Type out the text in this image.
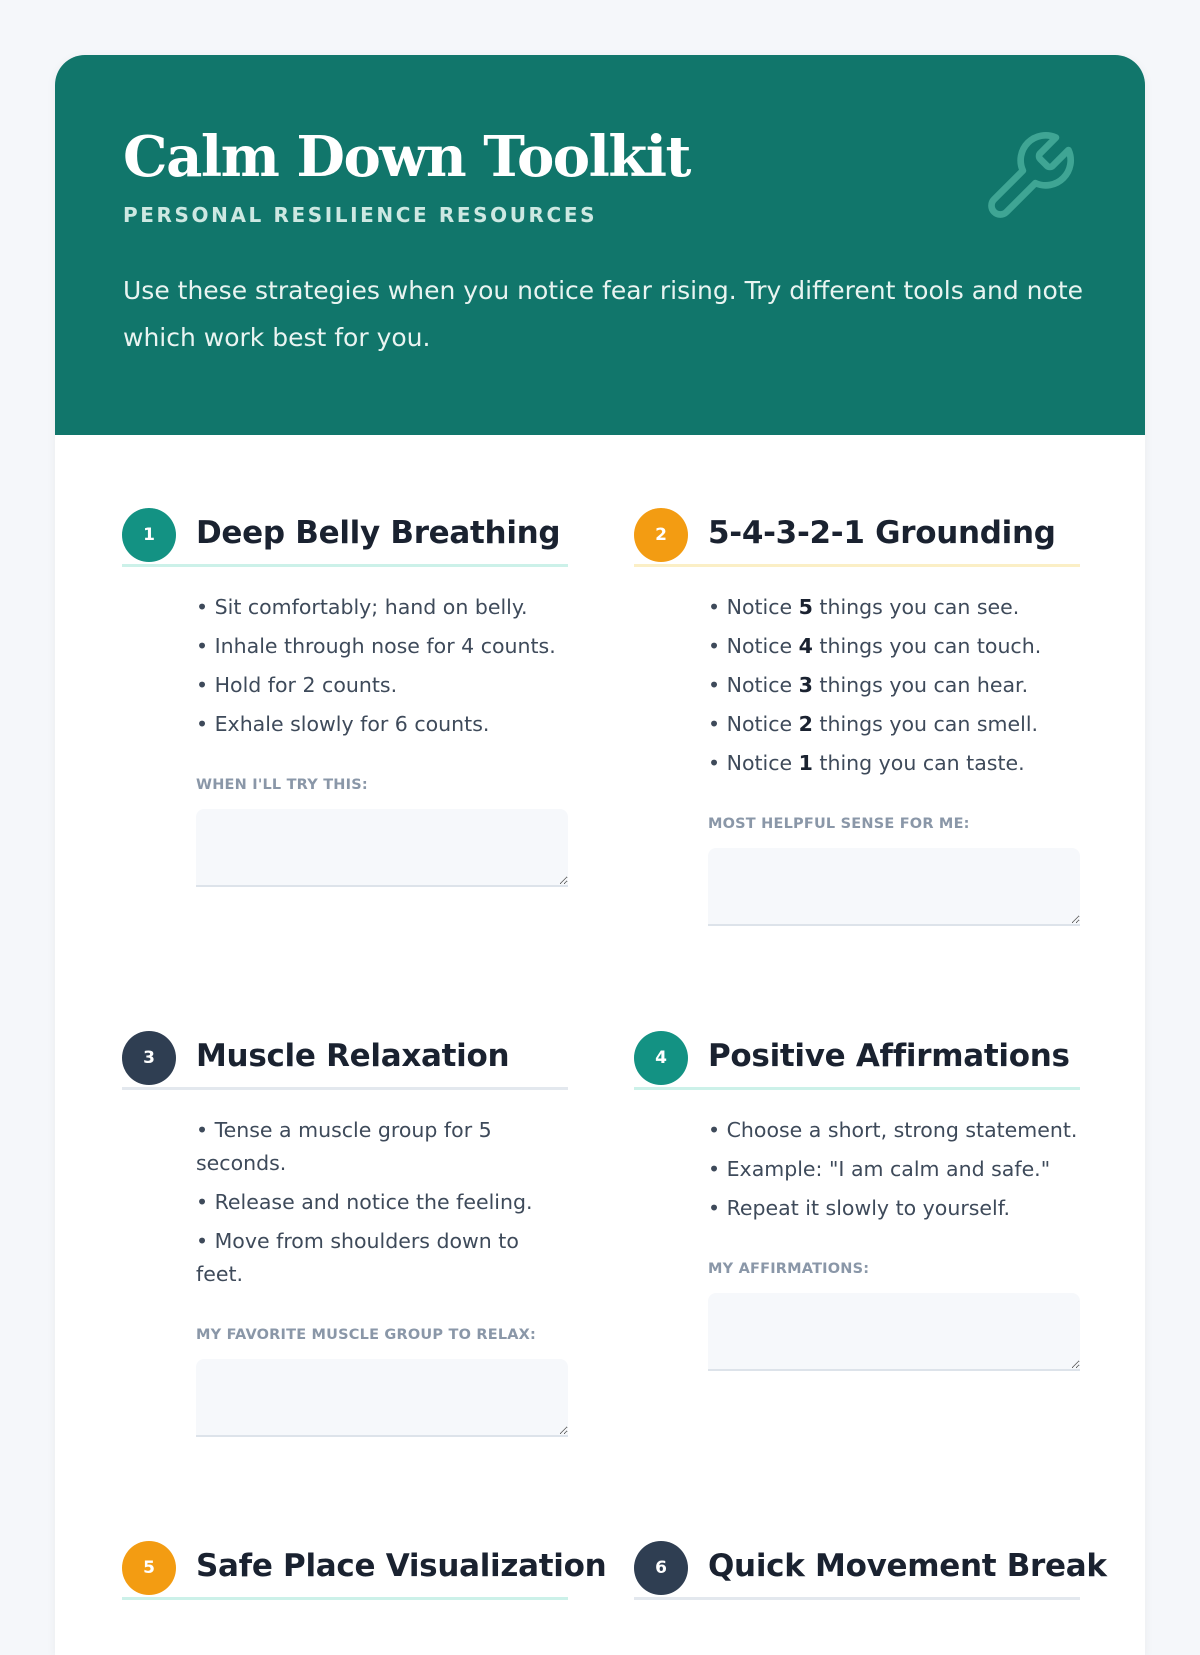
Calm Down Toolkit
PERSONAL RESILIENCE RESOURCES
Use these strategies when you notice fear rising. Try different tools and note which work best for you.
1	Deep Belly Breathing
• Sit comfortably; hand on belly.
• Inhale through nose for 4 counts.
• Hold for 2 counts.
• Exhale slowly for 6 counts.
WHEN I'LL TRY THIS:
2	5-4-3-2-1 Grounding
• Notice 5 things you can see.
• Notice 4 things you can touch.
• Notice 3 things you can hear.
• Notice 2 things you can smell.
• Notice 1 thing you can taste.
MOST HELPFUL SENSE FOR ME:
3	Muscle Relaxation
• Tense a muscle group for 5 seconds.
• Release and notice the feeling.
• Move from shoulders down to feet.
MY FAVORITE MUSCLE GROUP TO RELAX:
4	Positive Affirmations
• Choose a short, strong statement.
• Example: "I am calm and safe."
• Repeat it slowly to yourself.
MY AFFIRMATIONS:
5	Safe Place Visualization	6	Quick Movement Break
